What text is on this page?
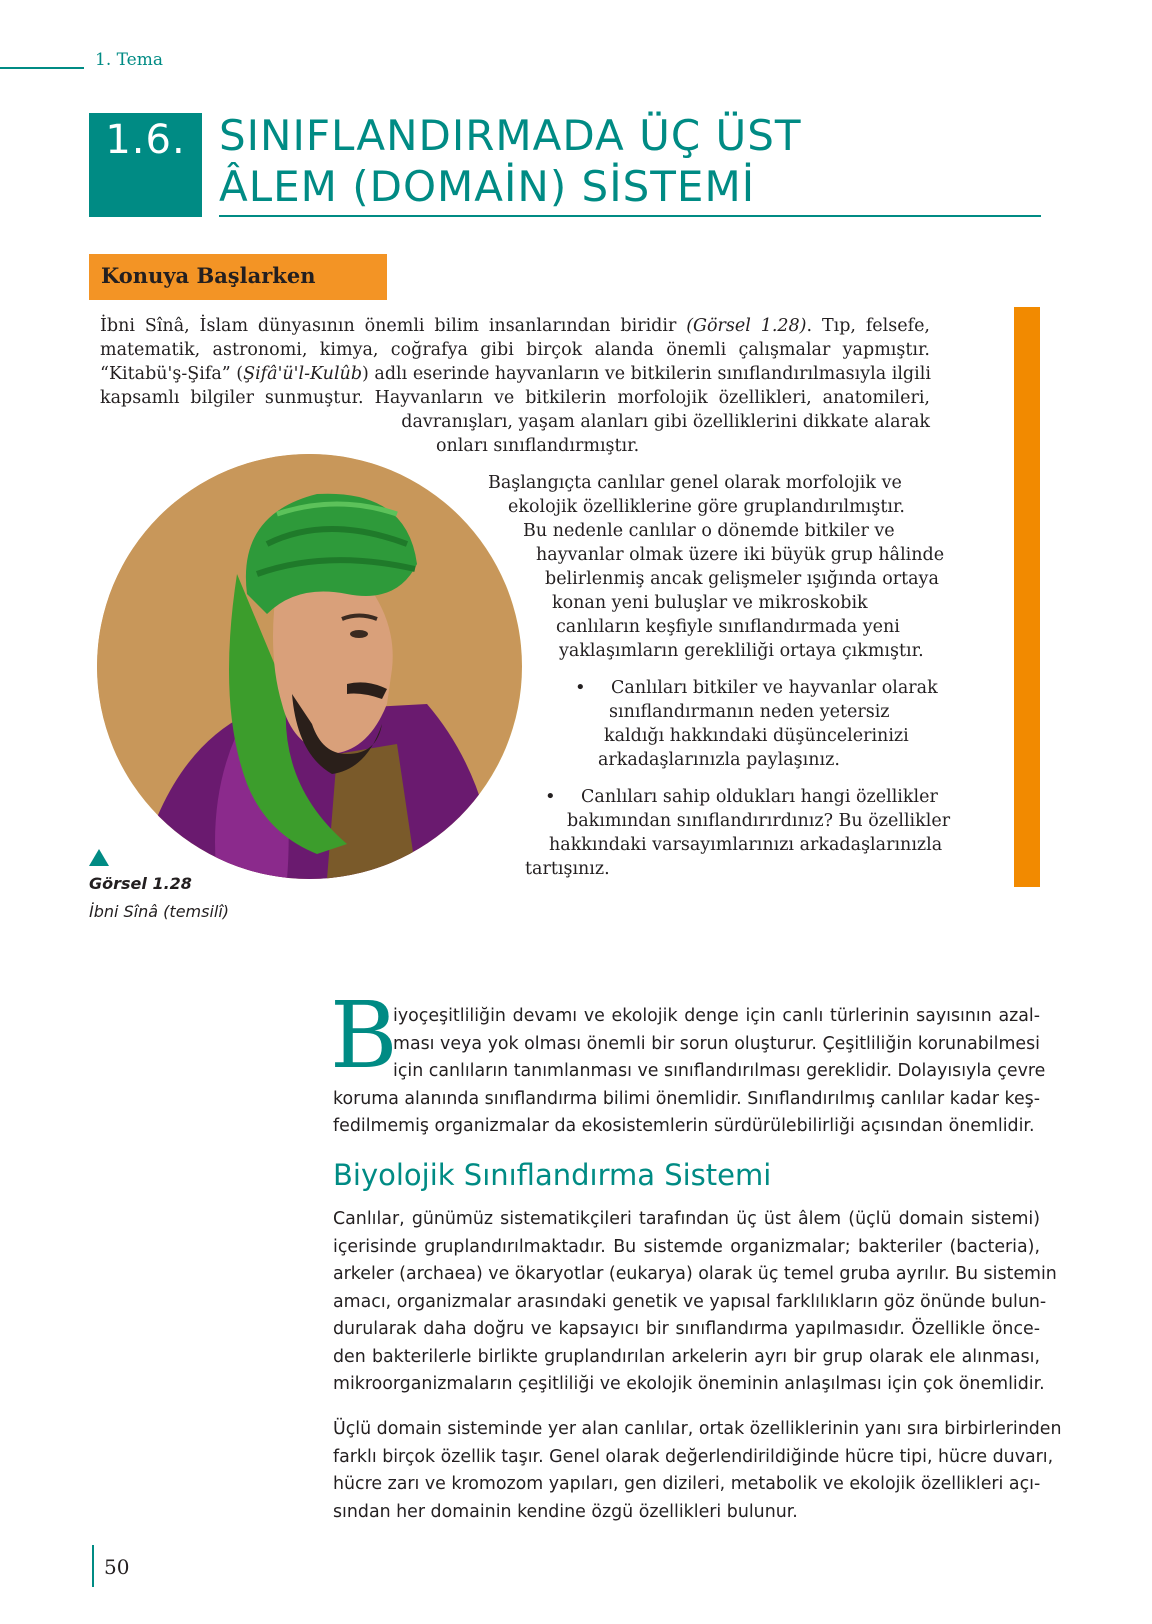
1. Tema
1.6. SINIFLANDIRMADA ÜÇ ÜST
ÂLEM (DOMAİN) SİSTEMİ
Konuya Başlarken
İbni Sînâ, İslam dünyasının önemli bilim insanlarından biridir (Görsel 1.28). Tıp, felsefe,
matematik, astronomi, kimya, coğrafya gibi birçok alanda önemli çalışmalar yapmıştır.
“Kitabü'ş-Şifa” (Şifâ'ü'l-Kulûb) adlı eserinde hayvanların ve bitkilerin sınıflandırılmasıyla ilgili
kapsamlı bilgiler sunmuştur. Hayvanların ve bitkilerin morfolojik özellikleri, anatomileri,
davranışları, yaşam alanları gibi özelliklerini dikkate alarak
onları sınıflandırmıştır.
Görsel 1.28
İbni Sînâ (temsilî)
Başlangıçta canlılar genel olarak morfolojik ve
ekolojik özelliklerine göre gruplandırılmıştır.
Bu nedenle canlılar o dönemde bitkiler ve
hayvanlar olmak üzere iki büyük grup hâlinde
belirlenmiş ancak gelişmeler ışığında ortaya
konan yeni buluşlar ve mikroskobik
canlıların keşfiyle sınıflandırmada yeni
yaklaşımların gerekliliği ortaya çıkmıştır.
• Canlıları bitkiler ve hayvanlar olarak
sınıflandırmanın neden yetersiz
kaldığı hakkındaki düşüncelerinizi
arkadaşlarınızla paylaşınız.
• Canlıları sahip oldukları hangi özellikler
bakımından sınıflandırırdınız? Bu özellikler
hakkındaki varsayımlarınızı arkadaşlarınızla
tartışınız.
B
iyoçeşitliliğin devamı ve ekolojik denge için canlı türlerinin sayısının azal-
ması veya yok olması önemli bir sorun oluşturur. Çeşitliliğin korunabilmesi
için canlıların tanımlanması ve sınıflandırılması gereklidir. Dolayısıyla çevre
koruma alanında sınıflandırma bilimi önemlidir. Sınıflandırılmış canlılar kadar keş-
fedilmemiş organizmalar da ekosistemlerin sürdürülebilirliği açısından önemlidir.
Biyolojik Sınıflandırma Sistemi
Canlılar, günümüz sistematikçileri tarafından üç üst âlem (üçlü domain sistemi)
içerisinde gruplandırılmaktadır. Bu sistemde organizmalar; bakteriler (bacteria),
arkeler (archaea) ve ökaryotlar (eukarya) olarak üç temel gruba ayrılır. Bu sistemin
amacı, organizmalar arasındaki genetik ve yapısal farklılıkların göz önünde bulun-
durularak daha doğru ve kapsayıcı bir sınıflandırma yapılmasıdır. Özellikle önce-
den bakterilerle birlikte gruplandırılan arkelerin ayrı bir grup olarak ele alınması,
mikroorganizmaların çeşitliliği ve ekolojik öneminin anlaşılması için çok önemlidir.
Üçlü domain sisteminde yer alan canlılar, ortak özelliklerinin yanı sıra birbirlerinden
farklı birçok özellik taşır. Genel olarak değerlendirildiğinde hücre tipi, hücre duvarı,
hücre zarı ve kromozom yapıları, gen dizileri, metabolik ve ekolojik özellikleri açı-
sından her domainin kendine özgü özellikleri bulunur.
50
